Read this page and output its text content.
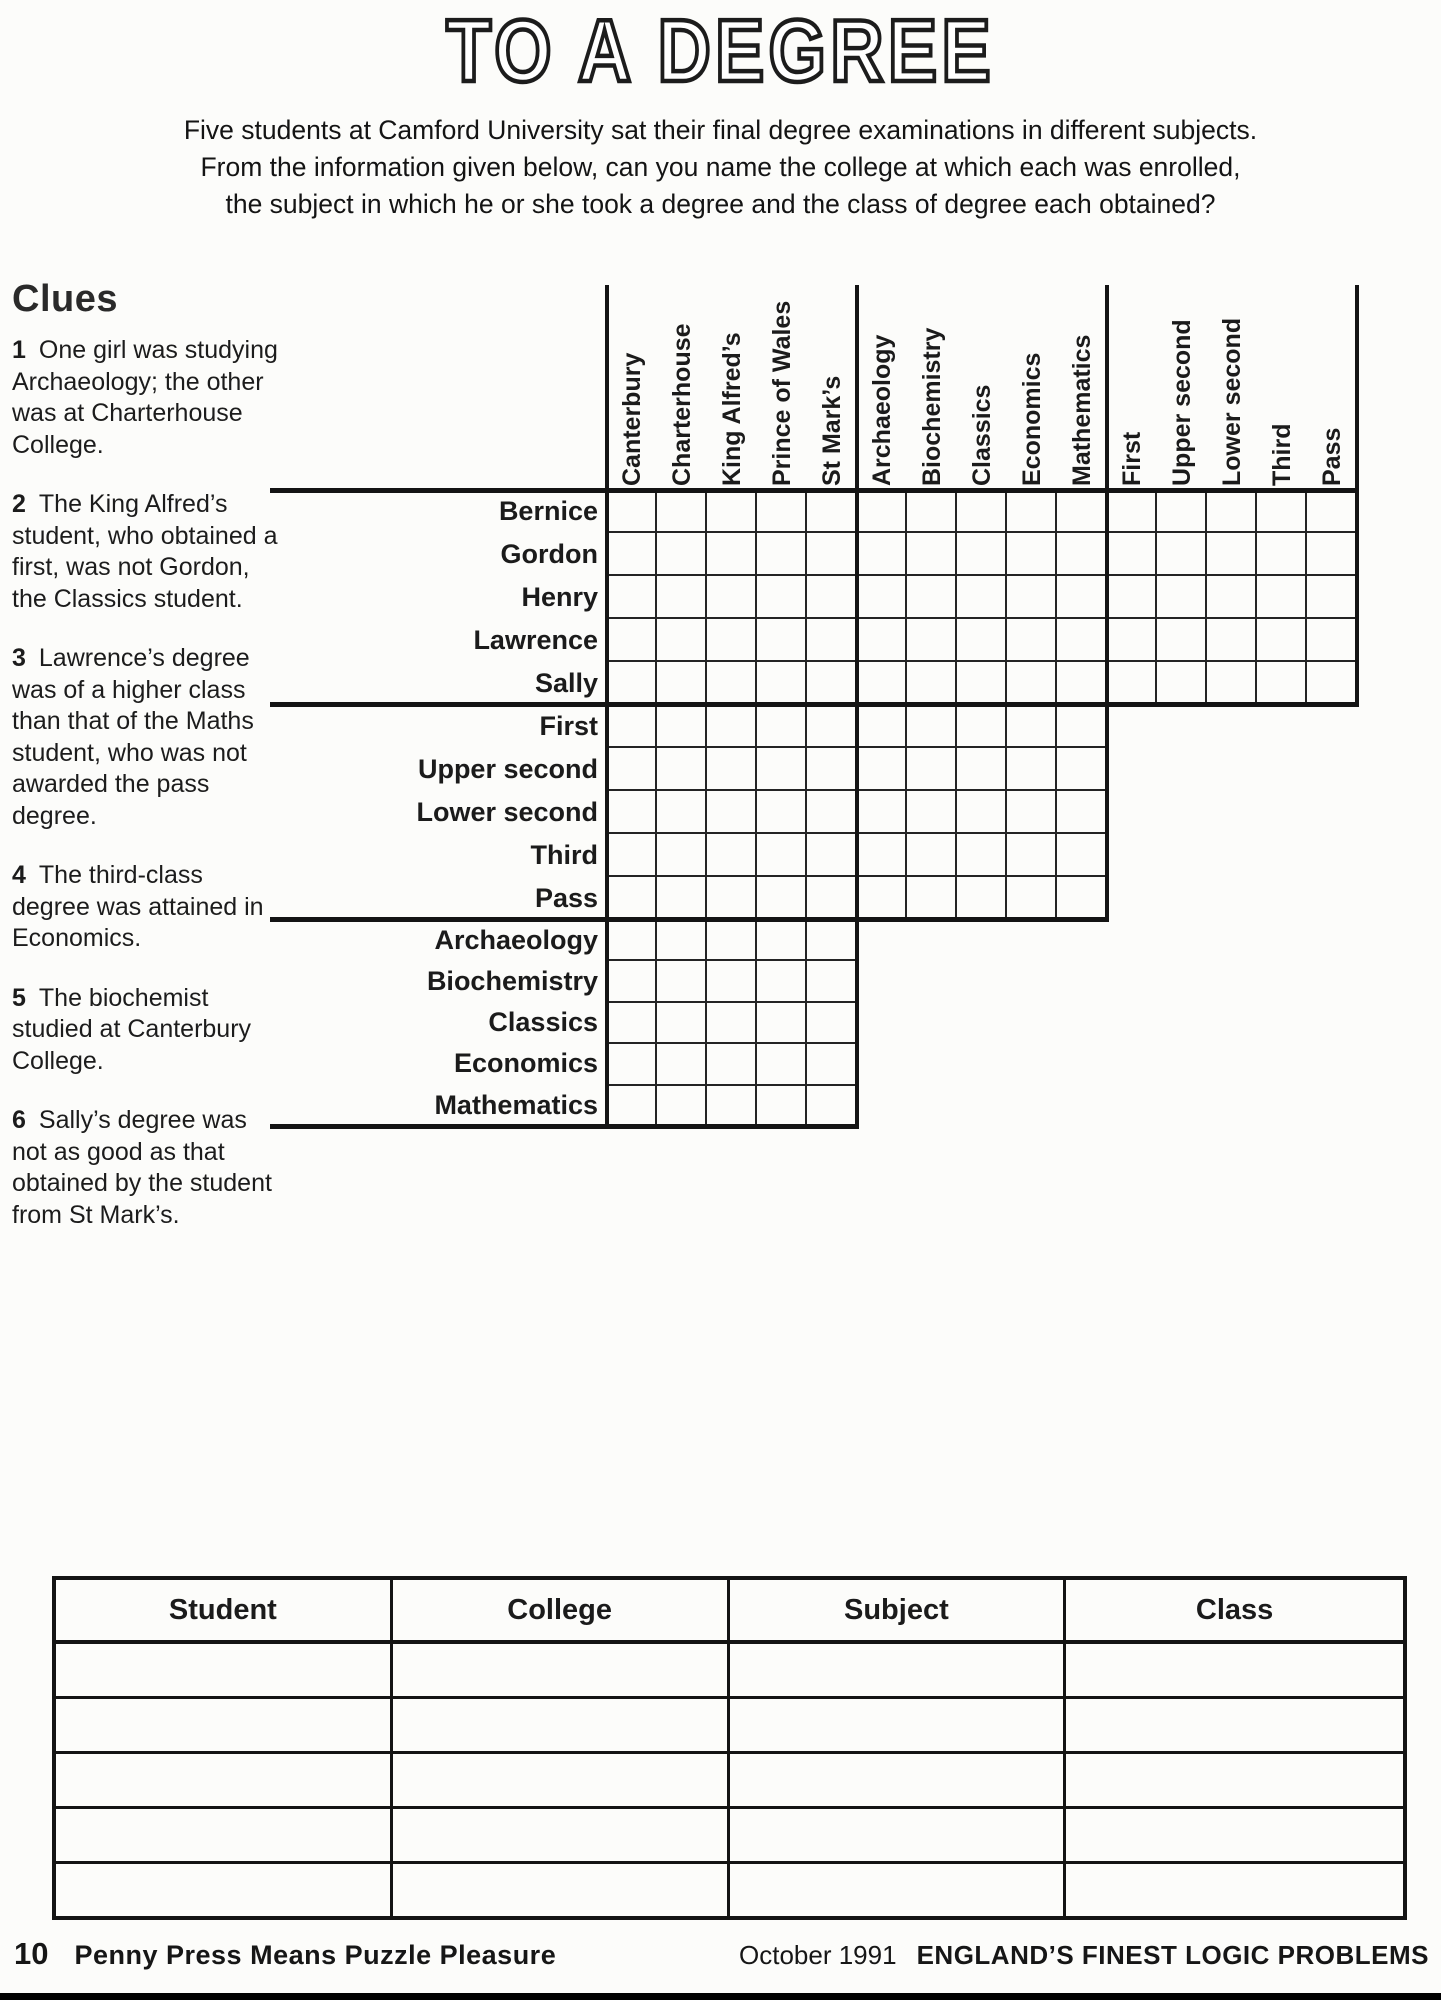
TO A DEGREE
Five students at Camford University sat their final degree examinations in different subjects.
From the information given below, can you name the college at which each was enrolled,
the subject in which he or she took a degree and the class of degree each obtained?
Clues

1 One girl was studying Archaeology; the other was at Charterhouse College.

2 The King Alfred’s student, who obtained a first, was not Gordon, the Classics student.

3 Lawrence’s degree was of a higher class than that of the Maths student, who was not awarded the pass degree.

4 The third-class degree was attained in Economics.

5 The biochemist studied at Canterbury College.

6 Sally’s degree was not as good as that obtained by the student from St Mark’s.

Canterbury Charterhouse King Alfred’s Prince of Wales St Mark’s Archaeology Biochemistry Classics Economics Mathematics First Upper second Lower second Third Pass
Bernice
Gordon
Henry
Lawrence
Sally
First
Upper second
Lower second
Third
Pass
Archaeology
Biochemistry
Classics
Economics
Mathematics
Student	College	Subject	Class
10 Penny Press Means Puzzle Pleasure	October 1991 ENGLAND’S FINEST LOGIC PROBLEMS
